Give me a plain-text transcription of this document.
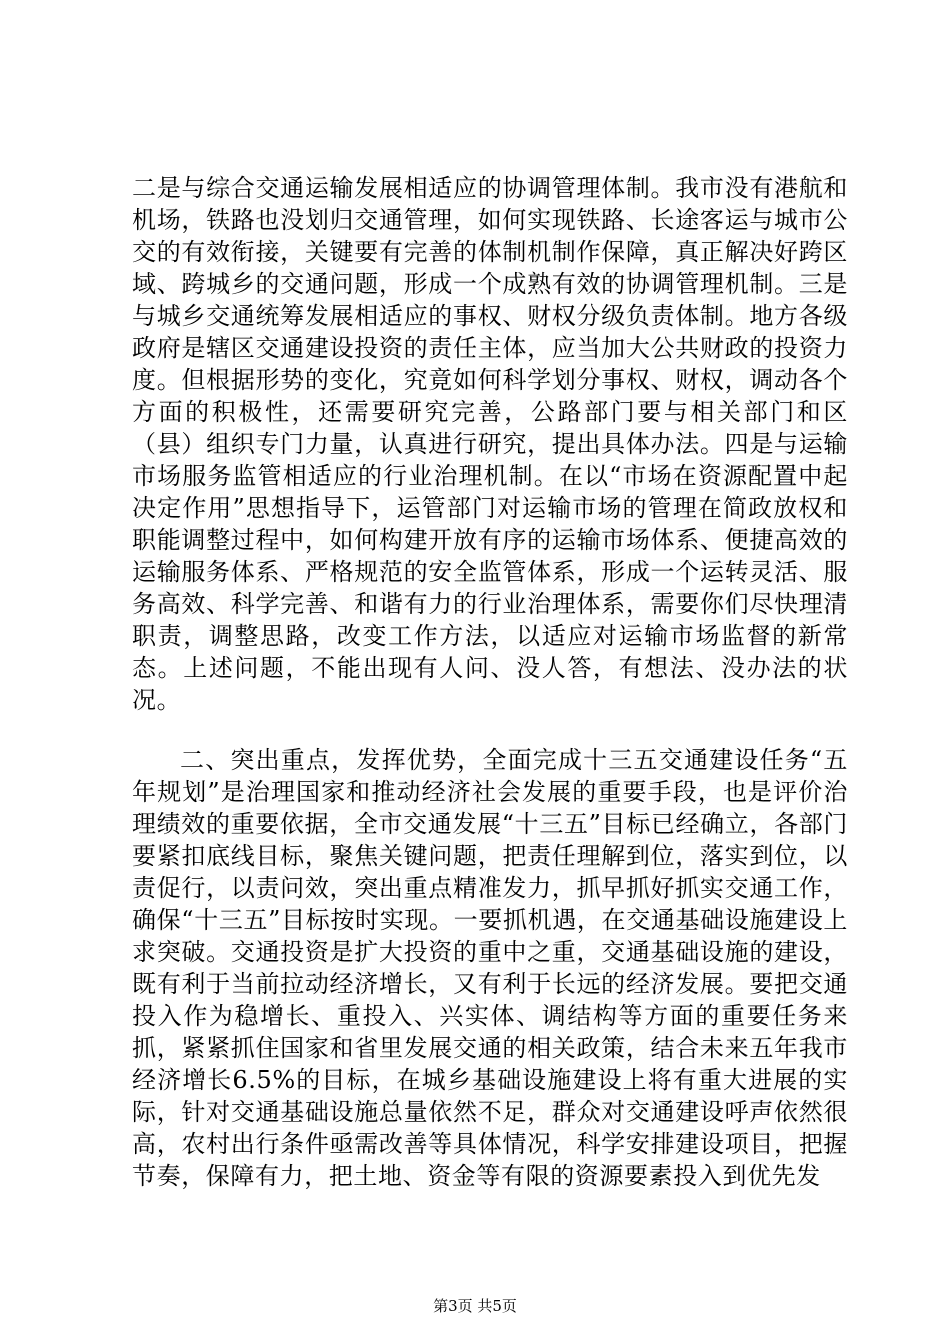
二是与综合交通运输发展相适应的协调管理体制。我市没有港航和机场，铁路也没划归交通管理，如何实现铁路、长途客运与城市公交的有效衔接，关键要有完善的体制机制作保障，真正解决好跨区域、跨城乡的交通问题，形成一个成熟有效的协调管理机制。三是与城乡交通统筹发展相适应的事权、财权分级负责体制。地方各级政府是辖区交通建设投资的责任主体，应当加大公共财政的投资力度。但根据形势的变化，究竟如何科学划分事权、财权，调动各个方面的积极性，还需要研究完善，公路部门要与相关部门和区（县）组织专门力量，认真进行研究，提出具体办法。四是与运输市场服务监管相适应的行业治理机制。在以“市场在资源配置中起决定作用”思想指导下，运管部门对运输市场的管理在简政放权和职能调整过程中，如何构建开放有序的运输市场体系、便捷高效的运输服务体系、严格规范的安全监管体系，形成一个运转灵活、服务高效、科学完善、和谐有力的行业治理体系，需要你们尽快理清职责，调整思路，改变工作方法，以适应对运输市场监督的新常态。上述问题，不能出现有人问、没人答，有想法、没办法的状况。

二、突出重点，发挥优势，全面完成十三五交通建设任务“五年规划”是治理国家和推动经济社会发展的重要手段，也是评价治理绩效的重要依据，全市交通发展“十三五”目标已经确立，各部门要紧扣底线目标，聚焦关键问题，把责任理解到位，落实到位，以责促行，以责问效，突出重点精准发力，抓早抓好抓实交通工作，确保“十三五”目标按时实现。一要抓机遇，在交通基础设施建设上求突破。交通投资是扩大投资的重中之重，交通基础设施的建设，既有利于当前拉动经济增长，又有利于长远的经济发展。要把交通投入作为稳增长、重投入、兴实体、调结构等方面的重要任务来抓，紧紧抓住国家和省里发展交通的相关政策，结合未来五年我市经济增长6.5%的目标，在城乡基础设施建设上将有重大进展的实际，针对交通基础设施总量依然不足，群众对交通建设呼声依然很高，农村出行条件亟需改善等具体情况，科学安排建设项目，把握节奏，保障有力，把土地、资金等有限的资源要素投入到优先发

第3页 共5页
